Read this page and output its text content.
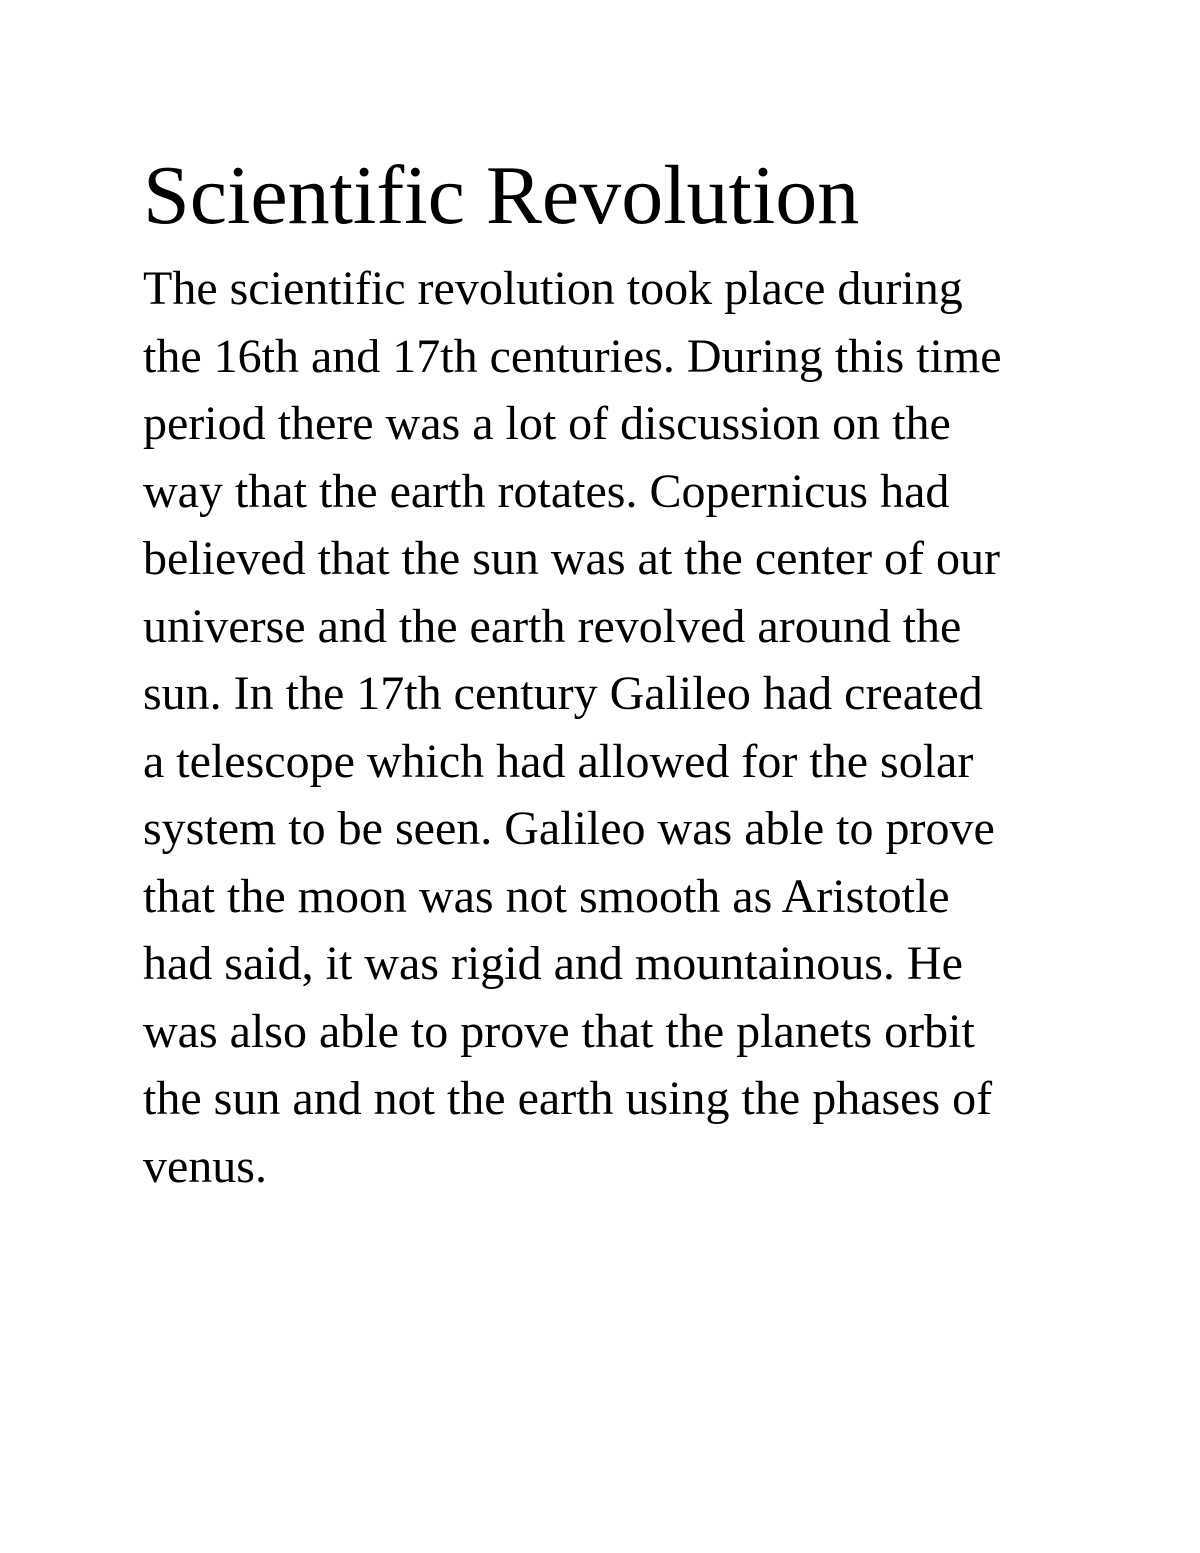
Scientific Revolution
The scientific revolution took place during
the 16th and 17th centuries. During this time
period there was a lot of discussion on the
way that the earth rotates. Copernicus had
believed that the sun was at the center of our
universe and the earth revolved around the
sun. In the 17th century Galileo had created
a telescope which had allowed for the solar
system to be seen. Galileo was able to prove
that the moon was not smooth as Aristotle
had said, it was rigid and mountainous. He
was also able to prove that the planets orbit
the sun and not the earth using the phases of
venus.
